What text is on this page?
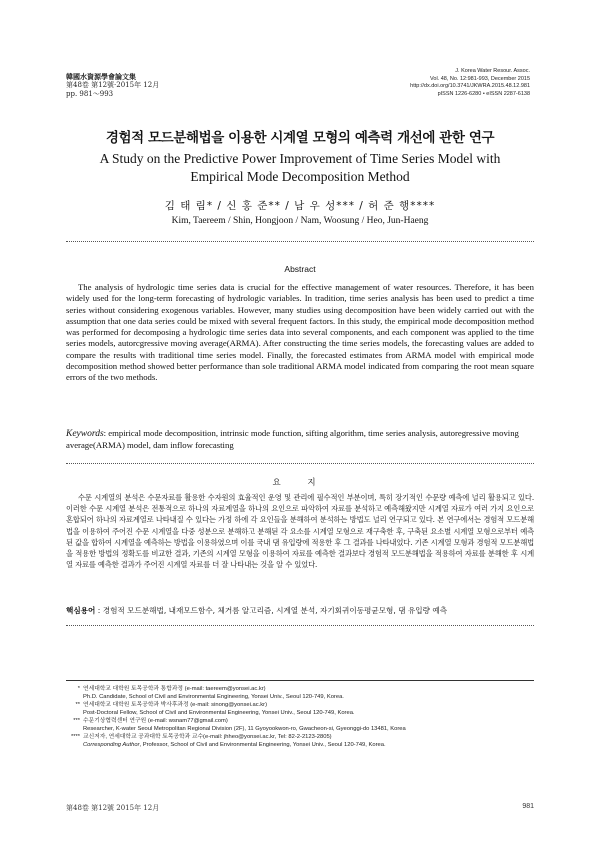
韓國水資源學會論文集
第48卷 第12號·2015年 12月
pp. 981～993
J. Korea Water Resour. Assoc.
Vol. 48, No. 12:981-993, December 2015
http://dx.doi.org/10.3741/JKWRA.2015.48.12.981
pISSN 1226-6280 • eISSN 2287-6138
경험적 모드분해법을 이용한 시계열 모형의 예측력 개선에 관한 연구
A Study on the Predictive Power Improvement of Time Series Model with
Empirical Mode Decomposition Method
김 태 림* / 신 홍 준** / 남 우 성*** / 허 준 행****
Kim, Taereem / Shin, Hongjoon / Nam, Woosung / Heo, Jun-Haeng
Abstract

The analysis of hydrologic time series data is crucial for the effective management of water resources. Therefore, it has been widely used for the long-term forecasting of hydrologic variables. In tradition, time series analysis has been used to predict a time series without considering exogenous variables. However, many studies using decomposition have been widely carried out with the assumption that one data series could be mixed with several frequent factors. In this study, the empirical mode decomposition method was performed for decomposing a hydrologic time series data into several components, and each component was applied to the time series models, autorcgressive moving average(ARMA). After constructing the time series models, the forecasting values are added to compare the results with traditional time series model. Finally, the forecasted estimates from ARMA model with empirical mode decomposition method showed better performance than sole traditional ARMA model indicated from comparing the root mean square errors of the two methods.

Keywords: empirical mode decomposition, intrinsic mode function, sifting algorithm, time series analysis, autoregressive moving average(ARMA) model, dam inflow forecasting

요 지

수문 시계열의 분석은 수문자료를 활용한 수자원의 효율적인 운영 및 관리에 필수적인 부분이며, 특히 장기적인 수문량 예측에 널리 활용되고 있다. 이러한 수문 시계열 분석은 전통적으로 하나의 자료계열을 하나의 요인으로 파악하여 자료를 분석하고 예측해왔지만 시계열 자료가 여러 가지 요인으로 혼합되어 하나의 자료계열로 나타내질 수 있다는 가정 하에 각 요인들을 분해하여 분석하는 방법도 널리 연구되고 있다. 본 연구에서는 경험적 모드분해법을 이용하여 주어진 수문 시계열을 다중 성분으로 분해하고 분해된 각 요소를 시계열 모형으로 재구축한 후, 구축된 요소별 시계열 모형으로부터 예측된 값을 합하여 시계열을 예측하는 방법을 이용하였으며 이를 국내 댐 유입량에 적용한 후 그 결과를 나타내었다. 기존 시계열 모형과 경험적 모드분해법을 적용한 방법의 정확도를 비교한 결과, 기존의 시계열 모형을 이용하여 자료를 예측한 결과보다 경험적 모드분해법을 적용하여 자료를 분해한 후 시계열 자료를 예측한 결과가 주어진 시계열 자료를 더 잘 나타내는 것을 알 수 있었다.

핵심용어 : 경험적 모드분해법, 내재모드함수, 체거름 알고리즘, 시계열 분석, 자기회귀이동평균모형, 댐 유입량 예측

* 연세대학교 대학원 토목공학과 통합과정 (e-mail: taereem@yonsei.ac.kr)
Ph.D. Candidate, School of Civil and Environmental Engineering, Yonsei Univ., Seoul 120-749, Korea.
** 연세대학교 대학원 토목공학과 박사후과정 (e-mail: sinong@yonsei.ac.kr)
Post-Doctoral Fellow, School of Civil and Environmental Engineering, Yonsei Univ., Seoul 120-749, Korea.
*** 수문기상협력센터 연구원 (e-mail: wsnam77@gmail.com)
Researcher, K-water Seoul Metropolitan Regional Division (2F), 11 Gyoyookwon-ro, Gwacheon-si, Gyeonggi-do 13481, Korea
**** 교신저자, 연세대학교 공과대학 토목공학과 교수(e-mail: jhheo@yonsei.ac.kr, Tel: 82-2-2123-2805)
Corresponding Author, Professor, School of Civil and Environmental Engineering, Yonsei Univ., Seoul 120-749, Korea.
第48卷 第12號 2015年 12月	981
